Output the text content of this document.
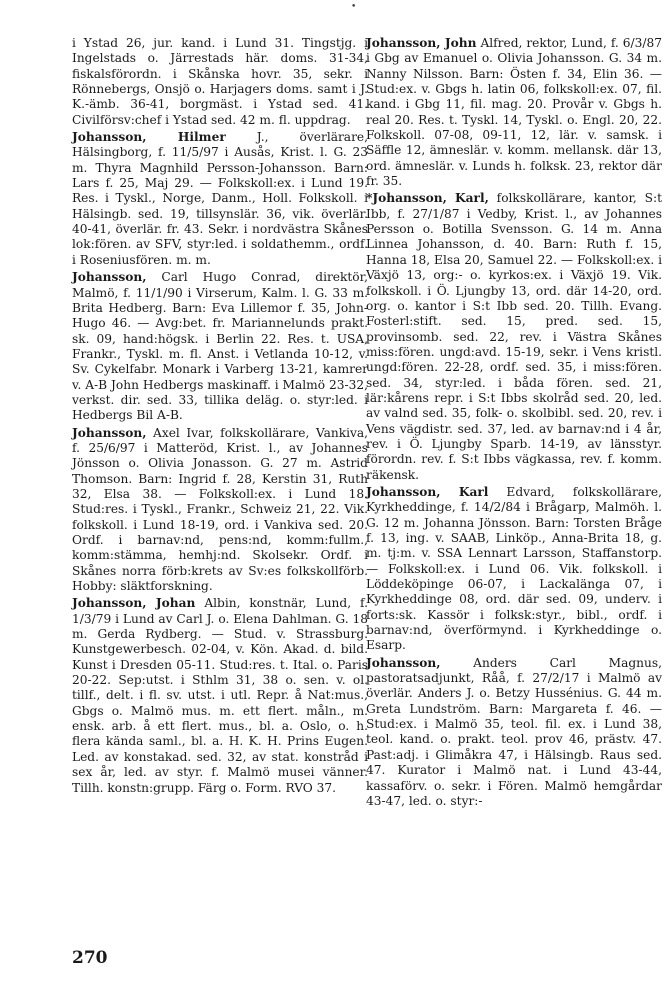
•

i Ystad 26, jur. kand. i Lund 31. Tingstjg. i Ingelstads o. Järrestads här. doms. 31-34, fiskalsförordn. i Skånska hovr. 35, sekr. i Rönnebergs, Onsjö o. Harjagers doms. samt i J. K.-ämb. 36-41, borgmäst. i Ystad sed. 41. Civilförsv:chef i Ystad sed. 42 m. fl. uppdrag.

Johansson, Hilmer J., överlärare, Hälsingborg, f. 11/5/97 i Ausås, Krist. l. G. 23 m. Thyra Magnhild Persson-Johansson. Barn: Lars f. 25, Maj 29. — Folkskoll:ex. i Lund 19. Res. i Tyskl., Norge, Danm., Holl. Folkskoll. i Hälsingb. sed. 19, tillsynslär. 36, vik. överlär. 40-41, överlär. fr. 43. Sekr. i nordvästra Skånes lok:fören. av SFV, styr:led. i soldathemm., ordf. i Roseniusfören. m. m.

Johansson, Carl Hugo Conrad, direktör, Malmö, f. 11/1/90 i Virserum, Kalm. l. G. 33 m. Brita Hedberg. Barn: Eva Lillemor f. 35, John-Hugo 46. — Avg:bet. fr. Mariannelunds prakt. sk. 09, hand:högsk. i Berlin 22. Res. t. USA, Frankr., Tyskl. m. fl. Anst. i Vetlanda 10-12, v. Sv. Cykelfabr. Monark i Varberg 13-21, kamrer v. A-B John Hedbergs maskinaff. i Malmö 23-32, verkst. dir. sed. 33, tillika deläg. o. styr:led. i Hedbergs Bil A-B.

Johansson, Axel Ivar, folkskollärare, Vankiva, f. 25/6/97 i Matteröd, Krist. l., av Johannes Jönsson o. Olivia Jonasson. G. 27 m. Astrid Thomson. Barn: Ingrid f. 28, Kerstin 31, Ruth 32, Elsa 38. — Folkskoll:ex. i Lund 18. Stud:res. i Tyskl., Frankr., Schweiz 21, 22. Vik. folkskoll. i Lund 18-19, ord. i Vankiva sed. 20. Ordf. i barnav:nd, pens:nd, komm:fullm., komm:stämma, hemhj:nd. Skolsekr. Ordf. i Skånes norra förb:krets av Sv:es folkskollförb. Hobby: släktforskning.

Johansson, Johan Albin, konstnär, Lund, f. 1/3/79 i Lund av Carl J. o. Elena Dahlman. G. 18 m. Gerda Rydberg. — Stud. v. Strassburg. Kunstgewerbesch. 02-04, v. Kön. Akad. d. bild. Kunst i Dresden 05-11. Stud:res. t. Ital. o. Paris 20-22. Sep:utst. i Sthlm 31, 38 o. sen. v. ol. tillf., delt. i fl. sv. utst. i utl. Repr. å Nat:mus., Gbgs o. Malmö mus. m. ett flert. måln., m. ensk. arb. å ett flert. mus., bl. a. Oslo, o. h. flera kända saml., bl. a. H. K. H. Prins Eugen. Led. av konstakad. sed. 32, av stat. konstråd i sex år, led. av styr. f. Malmö musei vänner. Tillh. konstn:grupp. Färg o. Form. RVO 37.

Johansson, John Alfred, rektor, Lund, f. 6/3/87 i Gbg av Emanuel o. Olivia Johansson. G. 34 m. Nanny Nilsson. Barn: Östen f. 34, Elin 36. — Stud:ex. v. Gbgs h. latin 06, folkskoll:ex. 07, fil. kand. i Gbg 11, fil. mag. 20. Provår v. Gbgs h. real 20. Res. t. Tyskl. 14, Tyskl. o. Engl. 20, 22. Folkskoll. 07-08, 09-11, 12, lär. v. samsk. i Säffle 12, ämneslär. v. komm. mellansk. där 13, ord. ämneslär. v. Lunds h. folksk. 23, rektor där fr. 35.

*Johansson, Karl, folkskollärare, kantor, S:t Ibb, f. 27/1/87 i Vedby, Krist. l., av Johannes Persson o. Botilla Svensson. G. 14 m. Anna Linnea Johansson, d. 40. Barn: Ruth f. 15, Hanna 18, Elsa 20, Samuel 22. — Folkskoll:ex. i Växjö 13, org:- o. kyrkos:ex. i Växjö 19. Vik. folkskoll. i Ö. Ljungby 13, ord. där 14-20, ord. org. o. kantor i S:t Ibb sed. 20. Tillh. Evang. Fosterl:stift. sed. 15, pred. sed. 15, provinsomb. sed. 22, rev. i Västra Skånes miss:fören. ungd:avd. 15-19, sekr. i Vens kristl. ungd:fören. 22-28, ordf. sed. 35, i miss:fören. sed. 34, styr:led. i båda fören. sed. 21, lär:kårens repr. i S:t Ibbs skolråd sed. 20, led. av valnd sed. 35, folk- o. skolbibl. sed. 20, rev. i Vens vägdistr. sed. 37, led. av barnav:nd i 4 år, rev. i Ö. Ljungby Sparb. 14-19, av länsstyr. förordn. rev. f. S:t Ibbs vägkassa, rev. f. komm. räkensk.

Johansson, Karl Edvard, folkskollärare, Kyrkheddinge, f. 14/2/84 i Brågarp, Malmöh. l. G. 12 m. Johanna Jönsson. Barn: Torsten Bråge f. 13, ing. v. SAAB, Linköp., Anna-Brita 18, g. m. tj:m. v. SSA Lennart Larsson, Staffanstorp. — Folkskoll:ex. i Lund 06. Vik. folkskoll. i Löddeköpinge 06-07, i Lackalänga 07, i Kyrkheddinge 08, ord. där sed. 09, underv. i forts:sk. Kassör i folksk:styr., bibl., ordf. i barnav:nd, överförmynd. i Kyrkheddinge o. Esarp.

Johansson, Anders Carl Magnus, pastoratsadjunkt, Råå, f. 27/2/17 i Malmö av överlär. Anders J. o. Betzy Hussénius. G. 44 m. Greta Lundström. Barn: Margareta f. 46. — Stud:ex. i Malmö 35, teol. fil. ex. i Lund 38, teol. kand. o. prakt. teol. prov 46, prästv. 47. Past:adj. i Glimåkra 47, i Hälsingb. Raus sed. 47. Kurator i Malmö nat. i Lund 43-44, kassaförv. o. sekr. i Fören. Malmö hemgårdar 43-47, led. o. styr:-

270
